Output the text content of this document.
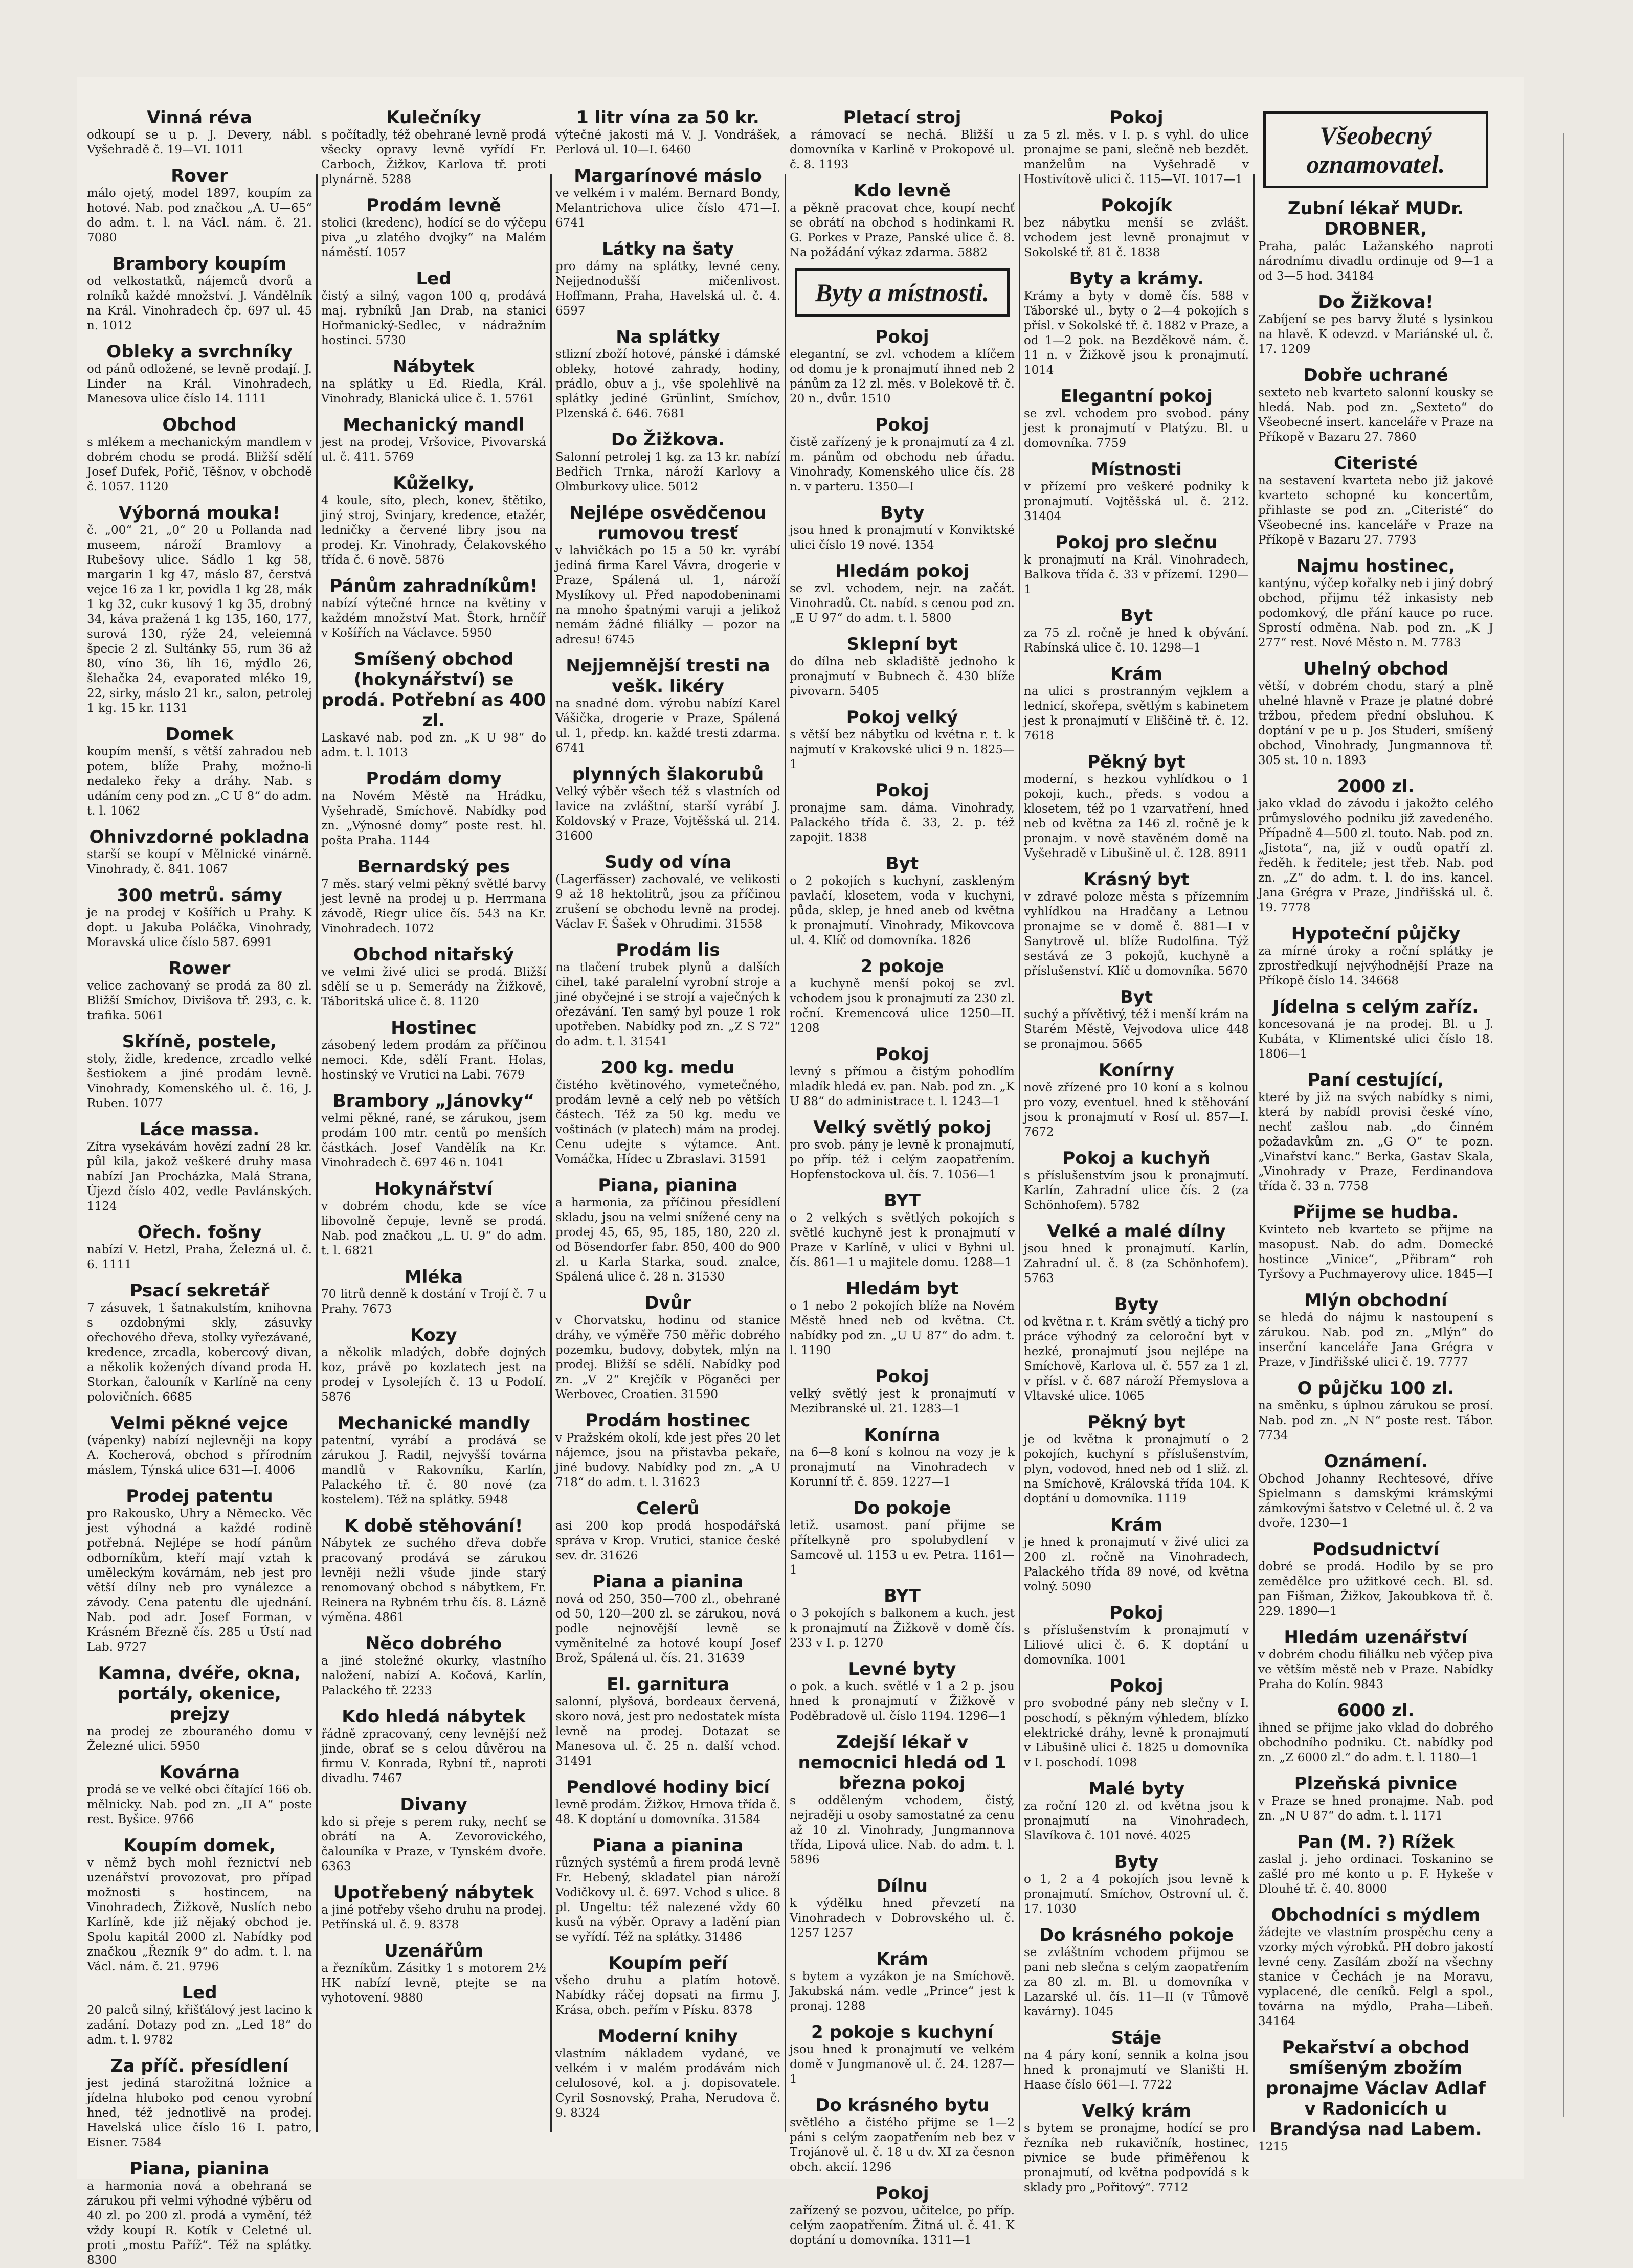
Vinná réva

odkoupí se u p. J. Devery, nábl. Vyšehradě č. 19—VI. 1011

Rover

málo ojetý, model 1897, koupím za hotové. Nab. pod značkou „A. U—65“ do adm. t. l. na Václ. nám. č. 21. 7080

Brambory koupím

od velkostatků, nájemců dvorů a rolníků každé množství. J. Vándělník na Král. Vinohradech čp. 697 ul. 45 n. 1012

Obleky a svrchníky

od pánů odložené, se levně prodají. J. Linder na Král. Vinohradech, Manesova ulice číslo 14. 1111

Obchod

s mlékem a mechanickým mandlem v dobrém chodu se prodá. Bližší sdělí Josef Dufek, Pořič, Těšnov, v obchodě č. 1057. 1120

Výborná mouka!

č. „00“ 21, „0“ 20 u Pollanda nad museem, nároží Bramlovy a Rubešovy ulice. Sádlo 1 kg 58, margarin 1 kg 47, máslo 87, čerstvá vejce 16 za 1 kr, povidla 1 kg 28, mák 1 kg 32, cukr kusový 1 kg 35, drobný 34, káva pražená 1 kg 135, 160, 177, surová 130, rýže 24, veleiemná špecie 2 zl. Sultánky 55, rum 36 až 80, víno 36, líh 16, mýdlo 26, šlehačka 24, evaporated mléko 19, 22, sirky, máslo 21 kr., salon, petrolej 1 kg. 15 kr. 1131

Domek

koupím menší, s větší zahradou neb potem, blíže Prahy, možno-li nedaleko řeky a dráhy. Nab. s udáním ceny pod zn. „C U 8“ do adm. t. l. 1062

Ohnivzdorné pokladna

starší se koupí v Mělnické vinárně. Vinohrady, č. 841. 1067

300 metrů. sámy

je na prodej v Košířích u Prahy. K dopt. u Jakuba Poláčka, Vinohrady, Moravská ulice číslo 587. 6991

Rower

velice zachovaný se prodá za 80 zl. Bližší Smíchov, Divišova tř. 293, c. k. trafika. 5061

Skříně, postele,

stoly, židle, kredence, zrcadlo velké šestiokem a jiné prodám levně. Vinohrady, Komenského ul. č. 16, J. Ruben. 1077

Láce massa.

Zítra vysekávám hovězí zadní 28 kr. půl kila, jakož veškeré druhy masa nabízí Jan Procházka, Malá Strana, Újezd číslo 402, vedle Pavlánských. 1124

Ořech. fošny

nabízí V. Hetzl, Praha, Železná ul. č. 6. 1111

Psací sekretář

7 zásuvek, 1 šatnakulstím, knihovna s ozdobnými skly, zásuvky ořechového dřeva, stolky vyřezávané, kredence, zrcadla, kobercový divan, a několik kožených dívand proda H. Storkan, čalouník v Karlíně na ceny polovičních. 6685

Velmi pěkné vejce

(vápenky) nabízí nejlevněji na kopy A. Kocherová, obchod s přírodním máslem, Týnská ulice 631—I. 4006

Prodej patentu

pro Rakousko, Uhry a Německo. Věc jest výhodná a každé rodině potřebná. Nejlépe se hodí pánům odborníkům, kteří mají vztah k uměleckým kovárnám, neb jest pro větší dílny neb pro vynálezce a závody. Cena patentu dle ujednání. Nab. pod adr. Josef Forman, v Krásném Březně čís. 285 u Ústí nad Lab. 9727

Kamna, dvéře, okna, portály, okenice, prejzy

na prodej ze zbouraného domu v Železné ulici. 5950

Kovárna

prodá se ve velké obci čítající 166 ob. mělnicky. Nab. pod zn. „II A“ poste rest. Byšice. 9766

Koupím domek,

v němž bych mohl řeznictví neb uzenářství provozovat, pro případ možnosti s hostincem, na Vinohradech, Žižkově, Nuslích nebo Karlíně, kde již nějaký obchod je. Spolu kapitál 2000 zl. Nabídky pod značkou „Řezník 9“ do adm. t. l. na Václ. nám. č. 21. 9796

Led

20 palců silný, křišťálový jest lacino k zadání. Dotazy pod zn. „Led 18“ do adm. t. l. 9782

Za příč. přesídlení

jest jediná starožitná ložnice a jídelna hluboko pod cenou vyrobní hned, též jednotlivě na prodej. Havelská ulice číslo 16 I. patro, Eisner. 7584

Piana, pianina

a harmonia nová a obehraná se zárukou při velmi výhodné výběru od 40 zl. po 200 zl. prodá a vymění, též vždy koupí R. Kotík v Celetné ul. proti „mostu Paříž“. Též na splátky. 8300

Kulečníky

s počítadly, též obehrané levně prodá všecky opravy levně vyřídí Fr. Carboch, Žižkov, Karlova tř. proti plynárně. 5288

Prodám levně

stolici (kredenc), hodící se do výčepu piva „u zlatého dvojky“ na Malém náměstí. 1057

Led

čistý a silný, vagon 100 q, prodává maj. rybníků Jan Drab, na stanici Hořmanický-Sedlec, v nádražním hostinci. 5730

Nábytek

na splátky u Ed. Riedla, Král. Vinohrady, Blanická ulice č. 1. 5761

Mechanický mandl

jest na prodej, Vršovice, Pivovarská ul. č. 411. 5769

Kůželky,

4 koule, síto, plech, konev, štětiko, jiný stroj, Svinjary, kredence, etažér, ledničky a červené libry jsou na prodej. Kr. Vinohrady, Čelakovského třída č. 6 nově. 5876

Pánům zahradníkům!

nabízí výtečné hrnce na květiny v každém množství Mat. Štork, hrnčíř v Košířích na Václavce. 5950

Smíšený obchod (hokynářství) se prodá. Potřební as 400 zl.

Laskavé nab. pod zn. „K U 98“ do adm. t. l. 1013

Prodám domy

na Novém Městě na Hrádku, Vyšehradě, Smíchově. Nabídky pod zn. „Výnosné domy“ poste rest. hl. pošta Praha. 1144

Bernardský pes

7 měs. starý velmi pěkný světlé barvy jest levně na prodej u p. Herrmana závodě, Riegr ulice čís. 543 na Kr. Vinohradech. 1072

Obchod nitařský

ve velmi živé ulici se prodá. Bližší sdělí se u p. Semerády na Žižkově, Táboritská ulice č. 8. 1120

Hostinec

zásobený ledem prodám za příčinou nemoci. Kde, sdělí Frant. Holas, hostinský ve Vrutici na Labi. 7679

Brambory „Jánovky“

velmi pěkné, rané, se zárukou, jsem prodám 100 mtr. centů po menších částkách. Josef Vandělík na Kr. Vinohradech č. 697 46 n. 1041

Hokynářství

v dobrém chodu, kde se více libovolně čepuje, levně se prodá. Nab. pod značkou „L. U. 9“ do adm. t. l. 6821

Mléka

70 litrů denně k dostání v Trojí č. 7 u Prahy. 7673

Kozy

a několik mladých, dobře dojných koz, právě po kozlatech jest na prodej v Lysolejích č. 13 u Podolí. 5876

Mechanické mandly

patentní, vyrábí a prodává se zárukou J. Radil, nejvyšší továrna mandlů v Rakovníku, Karlín, Palackého tř. č. 80 nové (za kostelem). Též na splátky. 5948

K době stěhování!

Nábytek ze suchého dřeva dobře pracovaný prodává se zárukou levněji nežli všude jinde starý renomovaný obchod s nábytkem, Fr. Reinera na Rybném trhu čís. 8. Lázně výměna. 4861

Něco dobrého

a jiné stoležné okurky, vlastního naložení, nabízí A. Kočová, Karlín, Palackého tř. 2233

Kdo hledá nábytek

řádně zpracovaný, ceny levnější než jinde, obrať se s celou důvěrou na firmu V. Konrada, Rybní tř., naproti divadlu. 7467

Divany

kdo si přeje s perem ruky, nechť se obrátí na A. Zevorovického, čalouníka v Praze, v Tynském dvoře. 6363

Upotřebený nábytek

a jiné potřeby všeho druhu na prodej. Petřínská ul. č. 9. 8378

Uzenářům

a řezníkům. Zásitky 1 s motorem 2½ HK nabízí levně, ptejte se na vyhotovení. 9880

1 litr vína za 50 kr.

výtečné jakosti má V. J. Vondrášek, Perlová ul. 10—I. 6460

Margarínové máslo

ve velkém i v malém. Bernard Bondy, Melantrichova ulice číslo 471—I. 6741

Látky na šaty

pro dámy na splátky, levné ceny. Nejjednodušší mičenlivost. Hoffmann, Praha, Havelská ul. č. 4. 6597

Na splátky

stlizní zboží hotové, pánské i dámské obleky, hotové zahrady, hodiny, prádlo, obuv a j., vše spolehlivě na splátky jediné Grünlint, Smíchov, Plzenská č. 646. 7681

Do Žižkova.

Salonní petrolej 1 kg. za 13 kr. nabízí Bedřich Trnka, nároží Karlovy a Olmburkovy ulice. 5012

Nejlépe osvědčenou rumovou tresť

v lahvičkách po 15 a 50 kr. vyrábí jediná firma Karel Vávra, drogerie v Praze, Spálená ul. 1, nároží Myslíkovy ul. Před napodobeninami na mnoho špatnými varuji a jelikož nemám žádné filiálky — pozor na adresu! 6745

Nejjemnější tresti na vešk. likéry

na snadné dom. výrobu nabízí Karel Vášička, drogerie v Praze, Spálená ul. 1, předp. kn. každé tresti zdarma. 6741

plynných šlakorubů

Velký výběr všech též s vlastních od lavice na zvláštní, starší vyrábí J. Koldovský v Praze, Vojtěšská ul. 214. 31600

Sudy od vína

(Lagerfässer) zachovalé, ve velikosti 9 až 18 hektolitrů, jsou za příčinou zrušení se obchodu levně na prodej. Václav F. Šašek v Ohrudimi. 31558

Prodám lis

na tlačení trubek plynů a dalších cihel, také paralelní vyrobní stroje a jiné obyčejné i se strojí a vaječných k ořezávání. Ten samý byl pouze 1 rok upotřeben. Nabídky pod zn. „Z S 72“ do adm. t. l. 31541

200 kg. medu

čistého květinového, vymetečného, prodám levně a celý neb po větších částech. Též za 50 kg. medu ve voštinách (v platech) mám na prodej. Cenu udejte s výtamce. Ant. Vomáčka, Hídec u Zbraslavi. 31591

Piana, pianina

a harmonia, za příčinou přesídlení skladu, jsou na velmi snížené ceny na prodej 45, 65, 95, 185, 180, 220 zl. od Bösendorfer fabr. 850, 400 do 900 zl. u Karla Starka, soud. znalce, Spálená ulice č. 28 n. 31530

Dvůr

v Chorvatsku, hodinu od stanice dráhy, ve výměře 750 měřic dobrého pozemku, budovy, dobytek, mlýn na prodej. Bližší se sdělí. Nabídky pod zn. „V 2“ Krejčík v Pöganěci per Werbovec, Croatien. 31590

Prodám hostinec

v Pražském okolí, kde jest přes 20 let nájemce, jsou na přistavba pekaře, jiné budovy. Nabídky pod zn. „A U 718“ do adm. t. l. 31623

Celerů

asi 200 kop prodá hospodářská správa v Krop. Vrutici, stanice české sev. dr. 31626

Piana a pianina

nová od 250, 350—700 zl., obehrané od 50, 120—200 zl. se zárukou, nová podle nejnovější levně se vyměnitelné za hotové koupí Josef Brož, Spálená ul. čís. 21. 31639

El. garnitura

salonní, plyšová, bordeaux červená, skoro nová, jest pro nedostatek místa levně na prodej. Dotazat se Manesova ul. č. 25 n. další vchod. 31491

Pendlové hodiny bicí

levně prodám. Žižkov, Hrnova třída č. 48. K doptání u domovníka. 31584

Piana a pianina

různých systémů a firem prodá levně Fr. Hebený, skladatel pian nároží Vodičkovy ul. č. 697. Vchod s ulice. 8 pl. Ungeltu: též nalezené vždy 60 kusů na výběr. Opravy a ladění pian se vyřídí. Též na splátky. 31486

Koupím peří

všeho druhu a platím hotově. Nabídky ráčej dopsati na firmu J. Krása, obch. peřím v Písku. 8378

Moderní knihy

vlastním nákladem vydané, ve velkém i v malém prodávám nich celulosové, kol. a j. dopisovatele. Cyril Sosnovský, Praha, Nerudova č. 9. 8324

Pletací stroj

a rámovací se nechá. Bližší u domovníka v Karlině v Prokopové ul. č. 8. 1193

Kdo levně

a pěkně pracovat chce, koupí nechť se obrátí na obchod s hodinkami R. G. Porkes v Praze, Panské ulice č. 8. Na požádání výkaz zdarma. 5882

Byty a místnosti.

Pokoj

elegantní, se zvl. vchodem a klíčem od domu je k pronajmutí ihned neb 2 pánům za 12 zl. měs. v Bolekově tř. č. 20 n., dvůr. 1510

Pokoj

čistě zařízený je k pronajmutí za 4 zl. m. pánům od obchodu neb úřadu. Vinohrady, Komenského ulice čís. 28 n. v parteru. 1350—I

Byty

jsou hned k pronajmutí v Konviktské ulici číslo 19 nové. 1354

Hledám pokoj

se zvl. vchodem, nejr. na začát. Vinohradů. Ct. nabíd. s cenou pod zn. „E U 97“ do adm. t. l. 5800

Sklepní byt

do dílna neb skladiště jednoho k pronajmutí v Bubnech č. 430 blíže pivovarn. 5405

Pokoj velký

s větší bez nábytku od kvétna r. t. k najmutí v Krakovské ulici 9 n. 1825—1

Pokoj

pronajme sam. dáma. Vinohrady, Palackého třída č. 33, 2. p. též zapojit. 1838

Byt

o 2 pokojích s kuchyní, zaskleným pavlačí, klosetem, voda v kuchyni, půda, sklep, je hned aneb od května k pronajmutí. Vinohrady, Mikovcova ul. 4. Klíč od domovníka. 1826

2 pokoje

a kuchyně menší pokoj se zvl. vchodem jsou k pronajmutí za 230 zl. roční. Kremencová ulice 1250—II. 1208

Pokoj

levný s přímou a čistým pohodlím mladík hledá ev. pan. Nab. pod zn. „K U 88“ do administrace t. l. 1243—1

Velký světlý pokoj

pro svob. pány je levně k pronajmutí, po příp. též i celým zaopatřením. Hopfenstockova ul. čís. 7. 1056—1

BYT

o 2 velkých s světlých pokojích s světlé kuchyně jest k pronajmutí v Praze v Karlíně, v ulici v Byhni ul. čís. 861—1 u majitele domu. 1288—1

Hledám byt

o 1 nebo 2 pokojích blíže na Novém Městě hned neb od května. Ct. nabídky pod zn. „U U 87“ do adm. t. l. 1190

Pokoj

velký světlý jest k pronajmutí v Mezibranské ul. 21. 1283—1

Konírna

na 6—8 koní s kolnou na vozy je k pronajmutí na Vinohradech v Korunní tř. č. 859. 1227—1

Do pokoje

letiž. usamost. paní přijme se přítelkyně pro spolubydlení v Samcově ul. 1153 u ev. Petra. 1161—1

BYT

o 3 pokojích s balkonem a kuch. jest k pronajmutí na Žižkově v domě čís. 233 v I. p. 1270

Levné byty

o pok. a kuch. světlé v 1 a 2 p. jsou hned k pronajmutí v Žižkově v Poděbradově ul. číslo 1194. 1296—1

Zdejší lékař v nemocnici hledá od 1 března pokoj

s odděleným vchodem, čistý, nejraději u osoby samostatné za cenu až 10 zl. Vinohrady, Jungmannova třída, Lipová ulice. Nab. do adm. t. l. 5896

Dílnu

k výdělku hned převzetí na Vinohradech v Dobrovského ul. č. 1257 1257

Krám

s bytem a vyzákon je na Smíchově. Jakubská nám. vedle „Prince“ jest k pronaj. 1288

2 pokoje s kuchyní

jsou hned k pronajmutí ve velkém domě v Jungmanově ul. č. 24. 1287—1

Do krásného bytu

světlého a čistého přijme se 1—2 páni s celým zaopatřením neb bez v Trojánově ul. č. 18 u dv. XI za česnon obch. akcií. 1296

Pokoj

zařízený se pozvou, učitelce, po příp. celým zaopatřením. Žitná ul. č. 41. K doptání u domovníka. 1311—1

Pokoj

za 5 zl. měs. v I. p. s vyhl. do ulice pronajme se pani, slečně neb bezdět. manželům na Vyšehradě v Hostivítově ulici č. 115—VI. 1017—1

Pokojík

bez nábytku menší se zvlášt. vchodem jest levně pronajmut v Sokolské tř. 81 č. 1838

Byty a krámy.

Krámy a byty v domě čís. 588 v Táborské ul., byty o 2—4 pokojích s přísl. v Sokolské tř. č. 1882 v Praze, a od 1—2 pok. na Bezděkově nám. č. 11 n. v Žižkově jsou k pronajmutí. 1014

Elegantní pokoj

se zvl. vchodem pro svobod. pány jest k pronajmutí v Platýzu. Bl. u domovníka. 7759

Místnosti

v přízemí pro veškeré podniky k pronajmutí. Vojtěšská ul. č. 212. 31404

Pokoj pro slečnu

k pronajmutí na Král. Vinohradech, Balkova třída č. 33 v přízemí. 1290—1

Byt

za 75 zl. ročně je hned k obývání. Rabínská ulice č. 10. 1298—1

Krám

na ulici s prostranným vejklem a lednicí, skořepa, světlým s kabinetem jest k pronajmutí v Eliščině tř. č. 12. 7618

Pěkný byt

moderní, s hezkou vyhlídkou o 1 pokoji, kuch., předs. s vodou a klosetem, též po 1 vzarvatření, hned neb od května za 146 zl. ročně je k pronajm. v nově stavěném domě na Vyšehradě v Libušině ul. č. 128. 8911

Krásný byt

v zdravé poloze města s přízemním vyhlídkou na Hradčany a Letnou pronajme se v domě č. 881—I v Sanytrově ul. blíže Rudolfina. Týž sestává ze 3 pokojů, kuchyně a příslušenství. Klíč u domovníka. 5670

Byt

suchý a přívětivý, též i menší krám na Starém Městě, Vejvodova ulice 448 se pronajmou. 5665

Konírny

nově zřízené pro 10 koní a s kolnou pro vozy, eventuel. hned k stěhování jsou k pronajmutí v Rosí ul. 857—I. 7672

Pokoj a kuchyň

s příslušenstvím jsou k pronajmutí. Karlín, Zahradní ulice čís. 2 (za Schönhofem). 5782

Velké a malé dílny

jsou hned k pronajmutí. Karlín, Zahradní ul. č. 8 (za Schönhofem). 5763

Byty

od května r. t. Krám světlý a tichý pro práce výhodný za celoroční byt v hezké, pronajmutí jsou nejlépe na Smíchově, Karlova ul. č. 557 za 1 zl. v přísl. v č. 687 nároží Přemyslova a Vltavské ulice. 1065

Pěkný byt

je od května k pronajmutí o 2 pokojích, kuchyní s příslušenstvím, plyn, vodovod, hned neb od 1 sliž. zl. na Smíchově, Královská třída 104. K doptání u domovníka. 1119

Krám

je hned k pronajmutí v živé ulici za 200 zl. ročně na Vinohradech, Palackého třída 89 nové, od května volný. 5090

Pokoj

s příslušenstvím k pronajmutí v Liliové ulici č. 6. K doptání u domovníka. 1001

Pokoj

pro svobodné pány neb slečny v I. poschodí, s pěkným výhledem, blízko elektrické dráhy, levně k pronajmutí v Libušině ulici č. 1825 u domovníka v I. poschodí. 1098

Malé byty

za roční 120 zl. od května jsou k pronajmutí na Vinohradech, Slavíkova č. 101 nové. 4025

Byty

o 1, 2 a 4 pokojích jsou levně k pronajmutí. Smíchov, Ostrovní ul. č. 17. 1030

Do krásného pokoje

se zvláštním vchodem přijmou se pani neb slečna s celým zaopatřením za 80 zl. m. Bl. u domovníka v Lazarské ul. čís. 11—II (v Tůmově kavárny). 1045

Stáje

na 4 páry koní, sennik a kolna jsou hned k pronajmutí ve Slaništi H. Haase číslo 661—I. 7722

Velký krám

s bytem se pronajme, hodící se pro řezníka neb rukavičník, hostinec, pivnice se bude přiměřenou k pronajmutí, od května podpovídá s k sklady pro „Pořitový“. 7712

Všeobecný oznamovatel.

Zubní lékař MUDr. DROBNER,

Praha, palác Lažanského naproti národnímu divadlu ordinuje od 9—1 a od 3—5 hod. 34184

Do Žižkova!

Zabíjení se pes barvy žluté s lysinkou na hlavě. K odevzd. v Mariánské ul. č. 17. 1209

Dobře uchrané

sexteto neb kvarteto salonní kousky se hledá. Nab. pod zn. „Sexteto“ do Všeobecné insert. kanceláře v Praze na Příkopě v Bazaru 27. 7860

Citeristé

na sestavení kvarteta nebo již jakové kvarteto schopné ku koncertům, přihlaste se pod zn. „Citeristé“ do Všeobecné ins. kanceláře v Praze na Příkopě v Bazaru 27. 7793

Najmu hostinec,

kantýnu, výčep kořalky neb i jiný dobrý obchod, přijmu též inkasisty neb podomkový, dle přání kauce po ruce. Sprostí odměna. Nab. pod zn. „K J 277“ rest. Nové Město n. M. 7783

Uhelný obchod

větší, v dobrém chodu, starý a plně uhelné hlavně v Praze je platné dobré tržbou, předem přední obsluhou. K doptání v pe u p. Jos Studeri, smíšený obchod, Vinohrady, Jungmannova tř. 305 st. 10 n. 1893

2000 zl.

jako vklad do závodu i jakožto celého průmyslového podniku již zavedeného. Případně 4—500 zl. touto. Nab. pod zn. „Jistota“, na, již v oudů opatří zl. ředěh. k ředitele; jest třeb. Nab. pod zn. „Z“ do adm. t. l. do ins. kancel. Jana Grégra v Praze, Jindřišská ul. č. 19. 7778

Hypoteční půjčky

za mírné úroky a roční splátky je zprostředkují nejvýhodnější Praze na Příkopě číslo 14. 34668

Jídelna s celým zaříz.

koncesovaná je na prodej. Bl. u J. Kubáta, v Klimentské ulici číslo 18. 1806—1

Paní cestující,

které by již na svých nabídky s nimi, která by nabídl provisi české víno, nechť zašlou nab. „do činném požadavkům zn. „G O“ te pozn. „Vinařství kanc.“ Berka, Gastav Skala, „Vinohrady v Praze, Ferdinandova třída č. 33 n. 7758

Přijme se hudba.

Kvinteto neb kvarteto se přijme na masopust. Nab. do adm. Domecké hostince „Vinice“, „Přibram“ roh Tyršovy a Puchmayerovy ulice. 1845—I

Mlýn obchodní

se hledá do nájmu k nastoupení s zárukou. Nab. pod zn. „Mlýn“ do inserční kanceláře Jana Grégra v Praze, v Jindřišské ulici č. 19. 7777

O půjčku 100 zl.

na směnku, s úplnou zárukou se prosí. Nab. pod zn. „N N“ poste rest. Tábor. 7734

Oznámení.

Obchod Johanny Rechtesové, dříve Spielmann s damskými krámskými zámkovými šatstvo v Celetné ul. č. 2 va dvoře. 1230—1

Podsudnictví

dobré se prodá. Hodilo by se pro zemědělce pro užitkové cech. Bl. sd. pan Fišman, Žižkov, Jakoubkova tř. č. 229. 1890—1

Hledám uzenářství

v dobrém chodu filiálku neb výčep piva ve větším městě neb v Praze. Nabídky Praha do Kolín. 9843

6000 zl.

ihned se přijme jako vklad do dobrého obchodního podniku. Ct. nabídky pod zn. „Z 6000 zl.“ do adm. t. l. 1180—1

Plzeňská pivnice

v Praze se hned pronajme. Nab. pod zn. „N U 87“ do adm. t. l. 1171

Pan (M. ?) Rížek

zaslal j. jeho ordinaci. Toskanino se zašlé pro mé konto u p. F. Hykeše v Dlouhé tř. č. 40. 8000

Obchodníci s mýdlem

žádejte ve vlastním prospěchu ceny a vzorky mých výrobků. PH dobro jakostí levné ceny. Zasílám zboží na všechny stanice v Čechách je na Moravu, vyplacené, dle ceníků. Felgl a spol., továrna na mýdlo, Praha—Libeň. 34164

Pekařství a obchod smíšeným zbožím pronajme Václav Adlaf v Radonicích u Brandýsa nad Labem.

1215
